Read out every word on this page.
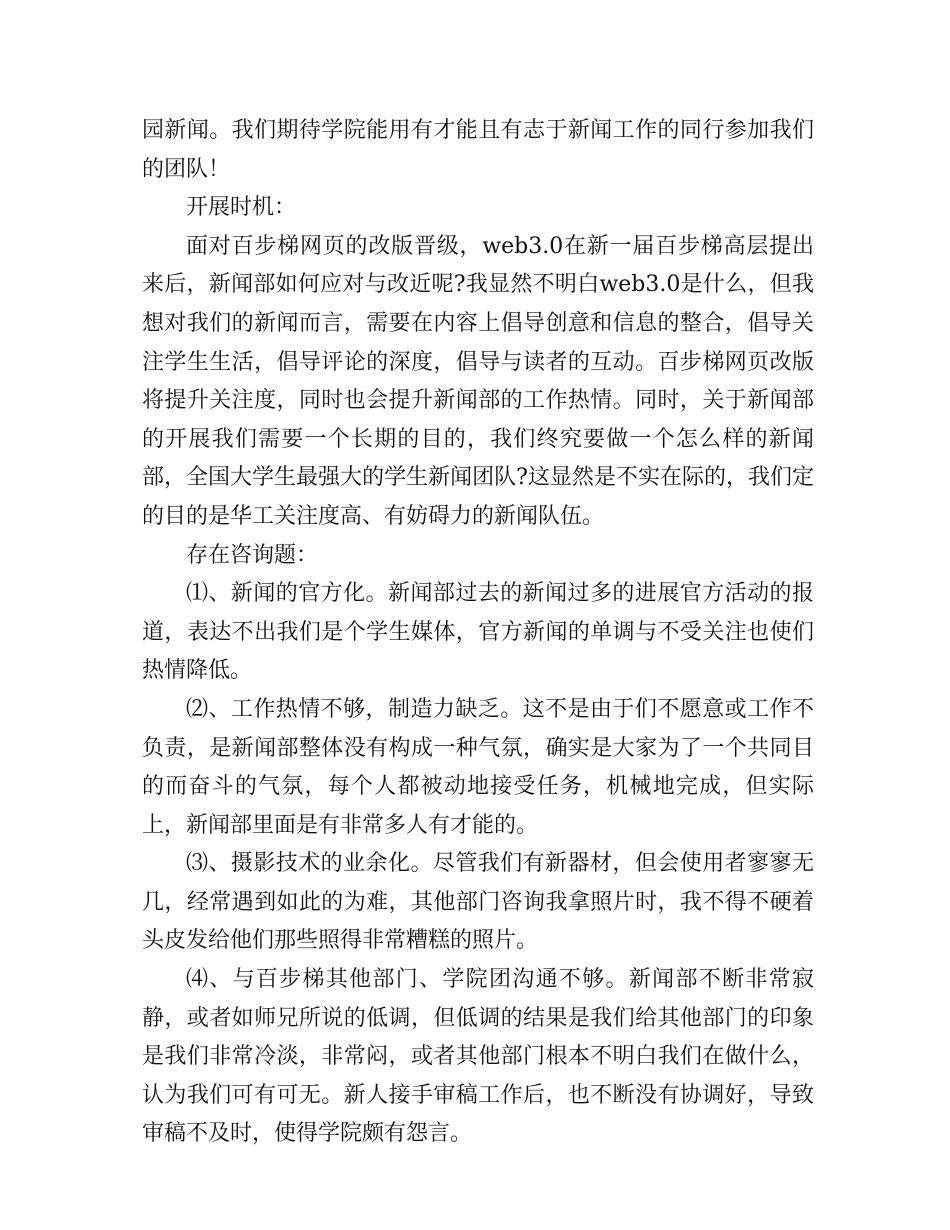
园新闻。我们期待学院能用有才能且有志于新闻工作的同行参加我们的团队！

开展时机：

面对百步梯网页的改版晋级，web3.0在新一届百步梯高层提出来后，新闻部如何应对与改近呢?我显然不明白web3.0是什么，但我想对我们的新闻而言，需要在内容上倡导创意和信息的整合，倡导关注学生生活，倡导评论的深度，倡导与读者的互动。百步梯网页改版将提升关注度，同时也会提升新闻部的工作热情。同时，关于新闻部的开展我们需要一个长期的目的，我们终究要做一个怎么样的新闻部，全国大学生最强大的学生新闻团队?这显然是不实在际的，我们定的目的是华工关注度高、有妨碍力的新闻队伍。

存在咨询题：

⑴、新闻的官方化。新闻部过去的新闻过多的进展官方活动的报道，表达不出我们是个学生媒体，官方新闻的单调与不受关注也使们热情降低。

⑵、工作热情不够，制造力缺乏。这不是由于们不愿意或工作不负责，是新闻部整体没有构成一种气氛，确实是大家为了一个共同目的而奋斗的气氛，每个人都被动地接受任务，机械地完成，但实际上，新闻部里面是有非常多人有才能的。

⑶、摄影技术的业余化。尽管我们有新器材，但会使用者寥寥无几，经常遇到如此的为难，其他部门咨询我拿照片时，我不得不硬着头皮发给他们那些照得非常糟糕的照片。

⑷、与百步梯其他部门、学院团沟通不够。新闻部不断非常寂静，或者如师兄所说的低调，但低调的结果是我们给其他部门的印象是我们非常冷淡，非常闷，或者其他部门根本不明白我们在做什么，认为我们可有可无。新人接手审稿工作后，也不断没有协调好，导致审稿不及时，使得学院颇有怨言。
